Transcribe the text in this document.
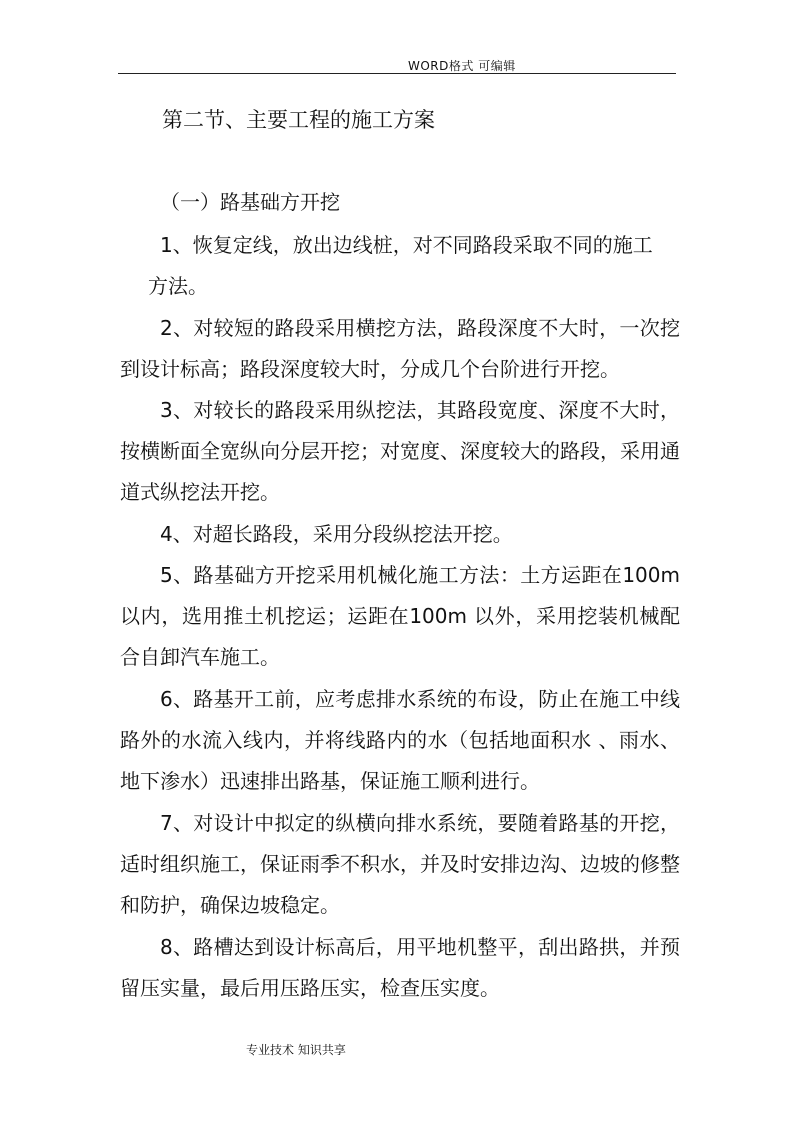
WORD格式 可编辑
第二节、主要工程的施工方案
（一）路基础方开挖
1、恢复定线，放出边线桩，对不同路段采取不同的施工
方法。

2、对较短的路段采用横挖方法，路段深度不大时，一次挖到设计标高；路段深度较大时，分成几个台阶进行开挖。

3、对较长的路段采用纵挖法，其路段宽度、深度不大时，按横断面全宽纵向分层开挖；对宽度、深度较大的路段，采用通道式纵挖法开挖。

4、对超长路段，采用分段纵挖法开挖。

5、路基础方开挖采用机械化施工方法：土方运距在100m 以内，选用推土机挖运；运距在100m 以外，采用挖装机械配合自卸汽车施工。

6、路基开工前，应考虑排水系统的布设，防止在施工中线路外的水流入线内，并将线路内的水（包括地面积水 、雨水、地下渗水）迅速排出路基，保证施工顺利进行。

7、对设计中拟定的纵横向排水系统，要随着路基的开挖，适时组织施工，保证雨季不积水，并及时安排边沟、边坡的修整和防护，确保边坡稳定。

8、路槽达到设计标高后，用平地机整平，刮出路拱，并预留压实量，最后用压路压实，检查压实度。

专业技术 知识共享
